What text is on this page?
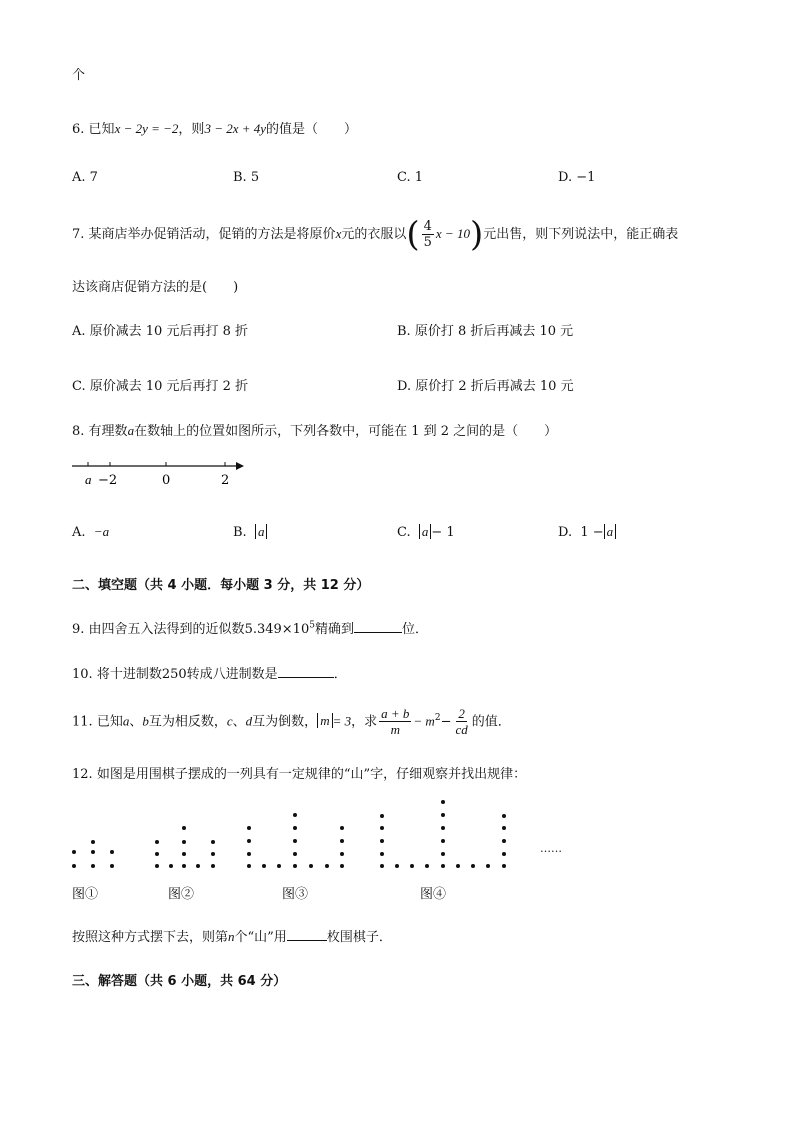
个
6. 已知x − 2y = −2，则3 − 2x + 4y的值是（　　）
A. 7	B. 5	C. 1	D. −1
7. 某商店举办促销活动，促销的方法是将原价x元的衣服以( $\frac{4}{5}$ x − 10)元出售，则下列说法中，能正确表
达该商店促销方法的是(　　)
A. 原价减去 10 元后再打 8 折	B. 原价打 8 折后再减去 10 元
C. 原价减去 10 元后再打 2 折	D. 原价打 2 折后再减去 10 元
8. 有理数a在数轴上的位置如图所示，下列各数中，可能在 1 到 2 之间的是（　　）
a −2	0	2
A. −a	B. a	C. a − 1	D. 1 − a
二、填空题（共 4 小题．每小题 3 分，共 12 分）
9. 由四舍五入法得到的近似数$5.349\times 10^5$精确到	位．
10. 将十进制数250转成八进制数是	．
11. 已知a、b互为相反数，c、d互为倒数， m = 3，求 $\frac{a + b}{m} - m^2- \frac{2}{cd}$ 的值．
12. 如图是用围棋子摆成的一列具有一定规律的“山”字，仔细观察并找出规律：
……
图①	图②	图③	图④
按照这种方式摆下去，则第n个“山”用	枚围棋子．
三、解答题（共 6 小题，共 64 分）
